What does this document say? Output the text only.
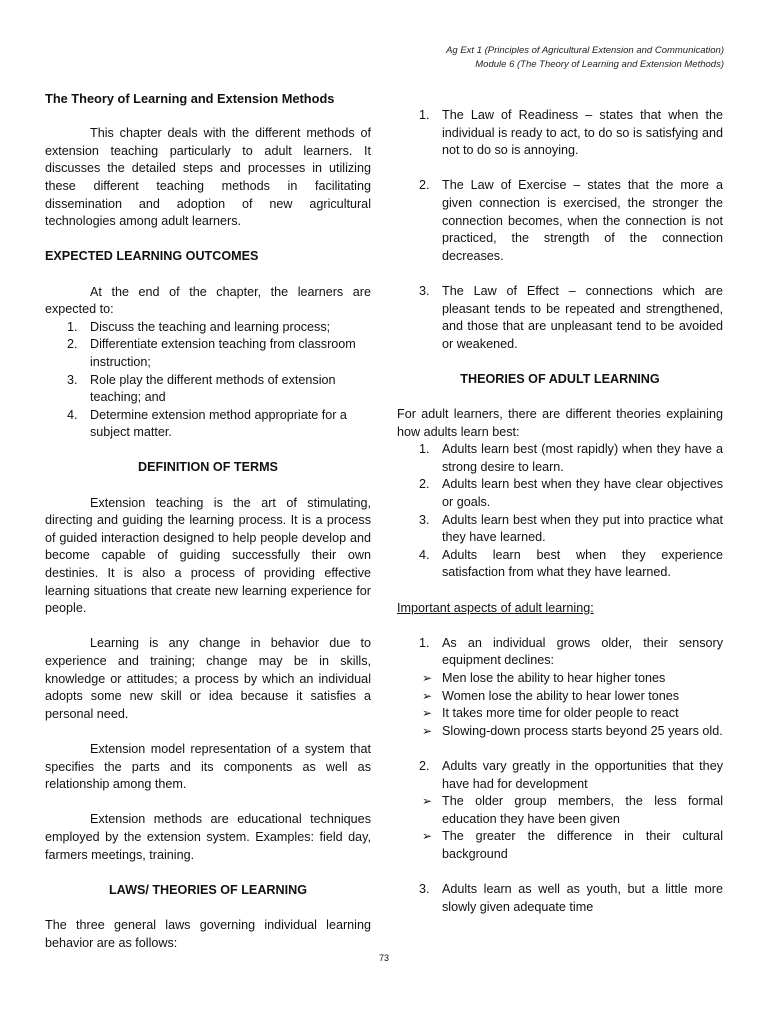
Ag Ext 1 (Principles of Agricultural Extension and Communication)
Module 6 (The Theory of Learning and Extension Methods)

The Theory of Learning and Extension Methods

This chapter deals with the different methods of extension teaching particularly to adult learners. It discusses the detailed steps and processes in utilizing these different teaching methods in facilitating dissemination and adoption of new agricultural technologies among adult learners.

EXPECTED LEARNING OUTCOMES

At the end of the chapter, the learners are expected to:

1. Discuss the teaching and learning process;
2. Differentiate extension teaching from classroom instruction;
3. Role play the different methods of extension teaching; and
4. Determine extension method appropriate for a subject matter.

DEFINITION OF TERMS

Extension teaching is the art of stimulating, directing and guiding the learning process. It is a process of guided interaction designed to help people develop and become capable of guiding successfully their own destinies. It is also a process of providing effective learning situations that create new learning experience for people.

Learning is any change in behavior due to experience and training; change may be in skills, knowledge or attitudes; a process by which an individual adopts some new skill or idea because it satisfies a personal need.

Extension model representation of a system that specifies the parts and its components as well as relationship among them.

Extension methods are educational techniques employed by the extension system. Examples: field day, farmers meetings, training.

LAWS/ THEORIES OF LEARNING

The three general laws governing individual learning behavior are as follows:

1. The Law of Readiness – states that when the individual is ready to act, to do so is satisfying and not to do so is annoying.
2. The Law of Exercise – states that the more a given connection is exercised, the stronger the connection becomes, when the connection is not practiced, the strength of the connection decreases.
3. The Law of Effect – connections which are pleasant tends to be repeated and strengthened, and those that are unpleasant tend to be avoided or weakened.

THEORIES OF ADULT LEARNING

For adult learners, there are different theories explaining how adults learn best:

1. Adults learn best (most rapidly) when they have a strong desire to learn.
2. Adults learn best when they have clear objectives or goals.
3. Adults learn best when they put into practice what they have learned.
4. Adults learn best when they experience satisfaction from what they have learned.

Important aspects of adult learning:

1. As an individual grows older, their sensory equipment declines:
➢ Men lose the ability to hear higher tones
➢ Women lose the ability to hear lower tones
➢ It takes more time for older people to react
➢ Slowing-down process starts beyond 25 years old.
2. Adults vary greatly in the opportunities that they have had for development
➢ The older group members, the less formal education they have been given
➢ The greater the difference in their cultural background
3. Adults learn as well as youth, but a little more slowly given adequate time
73
